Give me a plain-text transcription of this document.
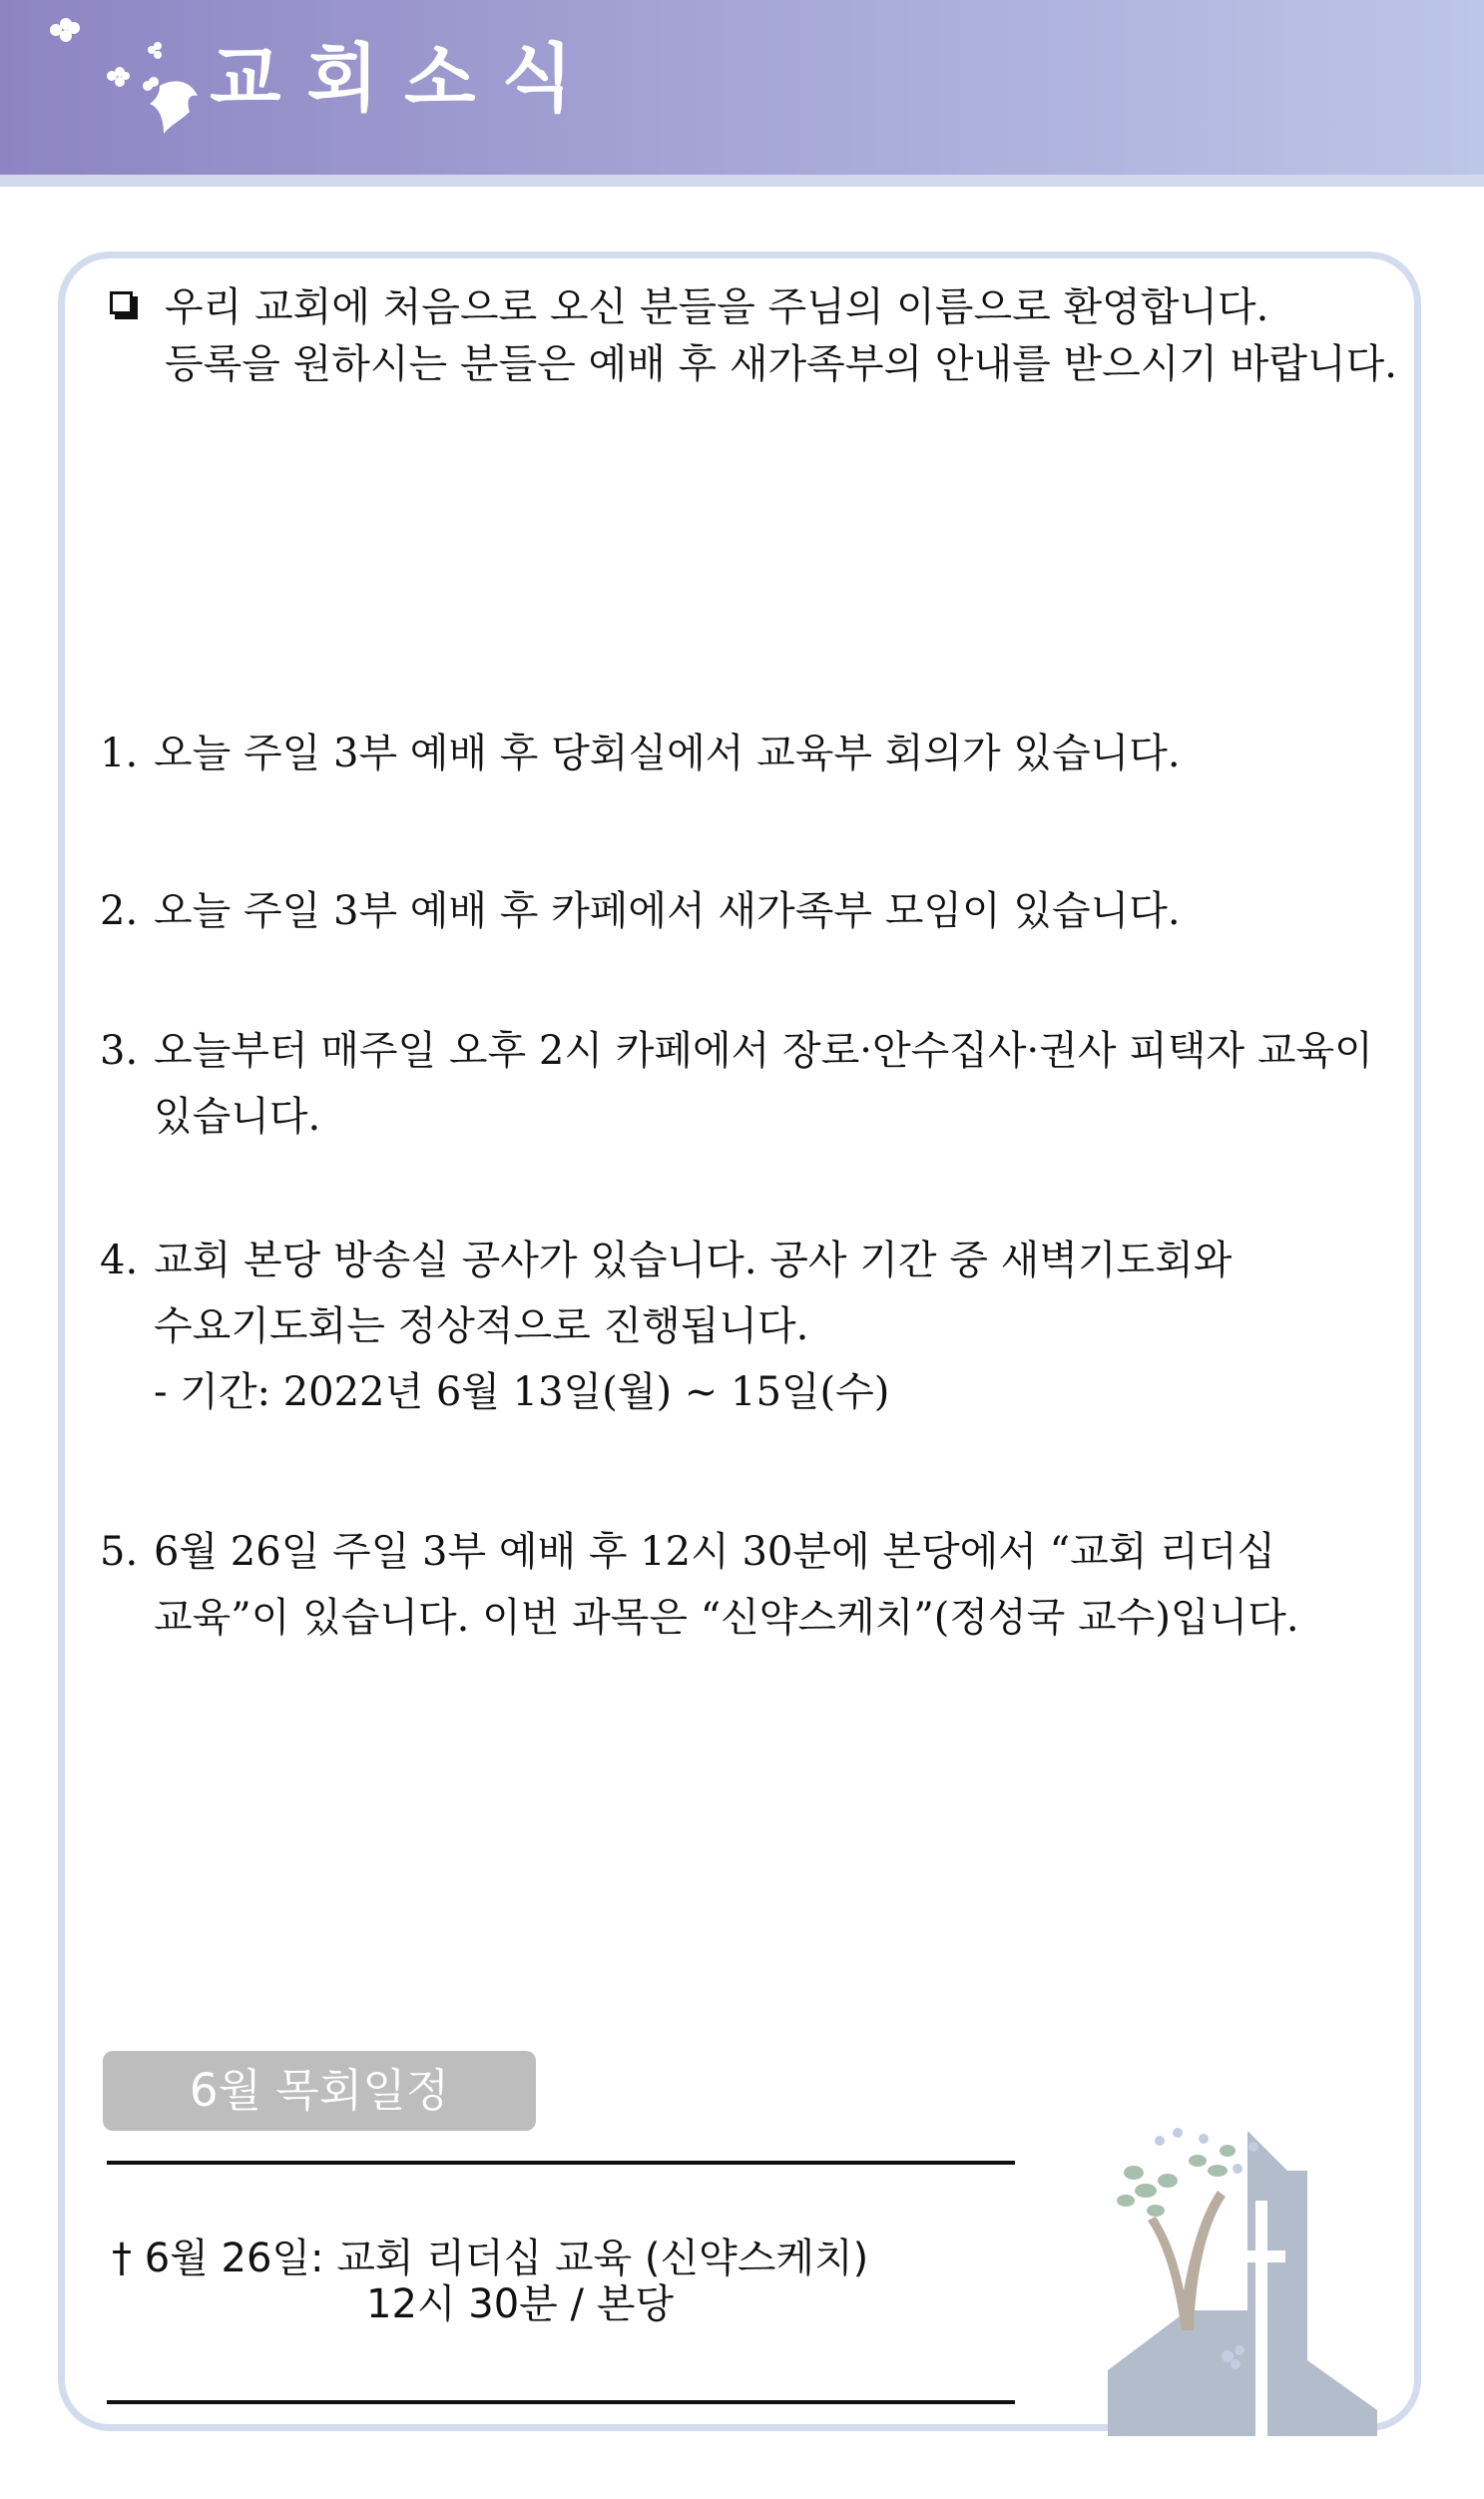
교회소식
우리 교회에 처음으로 오신 분들을 주님의 이름으로 환영합니다.
등록을 원하시는 분들은 예배 후 새가족부의 안내를 받으시기 바랍니다.
1. 오늘 주일 3부 예배 후 당회실에서 교육부 회의가 있습니다.
2. 오늘 주일 3부 예배 후 카페에서 새가족부 모임이 있습니다.
3. 오늘부터 매주일 오후 2시 카페에서 장로·안수집사·권사 피택자 교육이
있습니다.
4. 교회 본당 방송실 공사가 있습니다. 공사 기간 중 새벽기도회와
수요기도회는 정상적으로 진행됩니다.
- 기간: 2022년 6월 13일(월) ~ 15일(수)
5. 6월 26일 주일 3부 예배 후 12시 30분에 본당에서 “교회 리더십
교육”이 있습니다. 이번 과목은 “신약스케치”(정성국 교수)입니다.
6월 목회일정
† 6월 26일: 교회 리더십 교육 (신약스케치)
12시 30분 / 본당
